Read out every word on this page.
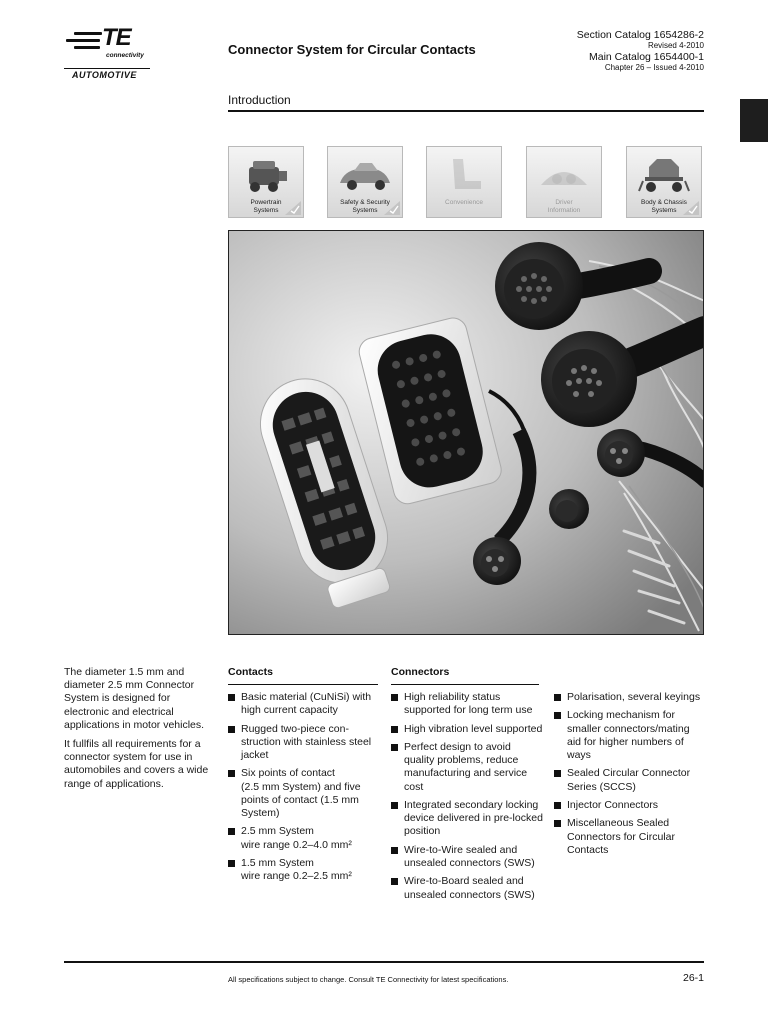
TE
connectivity
AUTOMOTIVE
Connector System for Circular Contacts
Section Catalog 1654286-2
Revised 4-2010
Main Catalog 1654400-1
Chapter 26 – Issued 4-2010
Introduction
Powertrain
Systems
Safety & Security
Systems
Convenience	Driver
Information
Body & Chassis
Systems

The diameter 1.5 mm and diameter 2.5 mm Connector System is designed for electronic and electrical applications in motor vehicles.

It fullfils all requirements for a connector system for use in automobiles and covers a wide range of applications.

Contacts
Basic material (CuNiSi) with high current capacity
Rugged two-piece con-
struction with stainless steel jacket
Six points of contact
(2.5 mm System) and five points of contact (1.5 mm System)
2.5 mm System
wire range 0.2–4.0 mm²
1.5 mm System
wire range 0.2–2.5 mm²
Connectors
High reliability status supported for long term use
High vibration level supported
Perfect design to avoid quality problems, reduce manufacturing and service cost
Integrated secondary locking device delivered in pre-locked position
Wire-to-Wire sealed and unsealed connectors (SWS)
Wire-to-Board sealed and unsealed connectors (SWS)
Polarisation, several keyings
Locking mechanism for smaller connectors/mating aid for higher numbers of ways
Sealed Circular Connector Series (SCCS)
Injector Connectors
Miscellaneous Sealed Connectors for Circular Contacts
All specifications subject to change. Consult TE Connectivity for latest specifications.	26-1
